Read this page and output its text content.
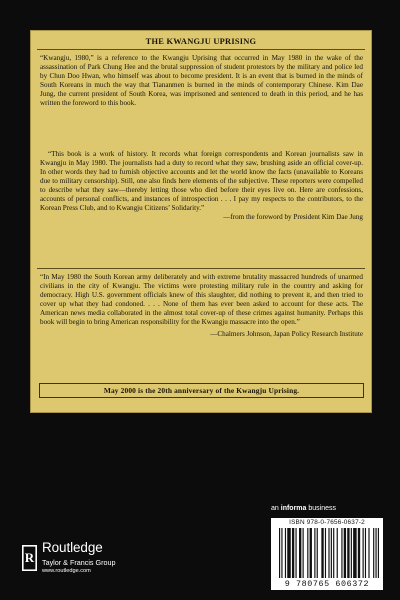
THE KWANGJU UPRISING

“Kwangju, 1980,” is a reference to the Kwangju Uprising that occurred in May 1980 in the wake of the assassination of Park Chung Hee and the brutal suppression of student protestors by the military and police led by Chun Doo Hwan, who himself was about to become president. It is an event that is burned in the minds of South Koreans in much the way that Tiananmen is burned in the minds of contemporary Chinese. Kim Dae Jung, the current president of South Korea, was imprisoned and sentenced to death in this period, and he has written the foreword to this book.

“This book is a work of history. It records what foreign correspondents and Korean journalists saw in Kwangju in May 1980. The journalists had a duty to record what they saw, brushing aside an official cover-up. In other words they had to furnish objective accounts and let the world know the facts (unavailable to Koreans due to military censorship). Still, one also finds here elements of the subjective. These reporters were compelled to describe what they saw—thereby letting those who died before their eyes live on. Here are confessions, accounts of personal conflicts, and instances of introspection . . . I pay my respects to the contributors, to the Korean Press Club, and to Kwangju Citizens’ Solidarity.”

—from the foreword by President Kim Dae Jung

“In May 1980 the South Korean army deliberately and with extreme brutality massacred hundreds of unarmed civilians in the city of Kwangju. The victims were protesting military rule in the country and asking for democracy. High U.S. government officials knew of this slaughter, did nothing to prevent it, and then tried to cover up what they had condoned. . . . None of them has ever been asked to account for these acts. The American news media collaborated in the almost total cover-up of these crimes against humanity. Perhaps this book will begin to bring American responsibility for the Kwangju massacre into the open.”

—Chalmers Johnson, Japan Policy Research Institute
May 2000 is the 20th anniversary of the Kwangju Uprising.
R
Routledge
Taylor & Francis Group
www.routledge.com
an informa business
ISBN 978-0-7656-0637-2
9 780765 606372
